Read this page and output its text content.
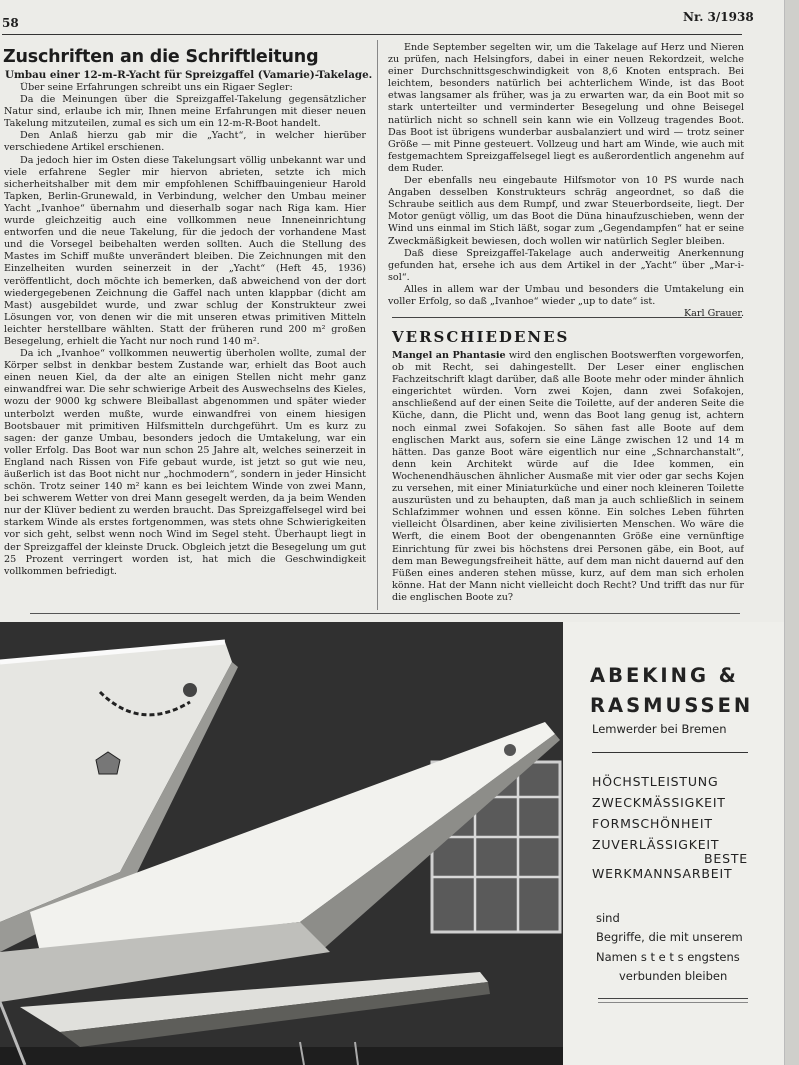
58	Nr. 3/1938
Zuschriften an die Schriftleitung
Umbau einer 12-m-R-Yacht für Spreizgaffel (Vamarie)-Takelage.

Über seine Erfahrungen schreibt uns ein Rigaer Segler:

Da die Meinungen über die Spreizgaffel-Takelung gegensätzlicher Natur sind, erlaube ich mir, Ihnen meine Erfahrungen mit dieser neuen Takelung mitzuteilen, zumal es sich um ein 12-m-R-Boot handelt.

Den Anlaß hierzu gab mir die „Yacht“, in welcher hierüber verschiedene Artikel erschienen.

Da jedoch hier im Osten diese Takelungsart völlig unbekannt war und viele erfahrene Segler mir hiervon abrieten, setzte ich mich sicherheitshalber mit dem mir empfohlenen Schiffbauingenieur Harold Tapken, Berlin-Grunewald, in Verbindung, welcher den Umbau meiner Yacht „Ivanhoe“ übernahm und dieserhalb sogar nach Riga kam. Hier wurde gleichzeitig auch eine vollkommen neue Inneneinrichtung entworfen und die neue Takelung, für die jedoch der vorhandene Mast und die Vorsegel beibehalten werden sollten. Auch die Stellung des Mastes im Schiff mußte unverändert bleiben. Die Zeichnungen mit den Einzelheiten wurden seinerzeit in der „Yacht“ (Heft 45, 1936) veröffentlicht, doch möchte ich bemerken, daß abweichend von der dort wiedergegebenen Zeichnung die Gaffel nach unten klappbar (dicht am Mast) ausgebildet wurde, und zwar schlug der Konstrukteur zwei Lösungen vor, von denen wir die mit unseren etwas primitiven Mitteln leichter herstellbare wählten. Statt der früheren rund 200 m² großen Besegelung, erhielt die Yacht nur noch rund 140 m².

Da ich „Ivanhoe“ vollkommen neuwertig überholen wollte, zumal der Körper selbst in denkbar bestem Zustande war, erhielt das Boot auch einen neuen Kiel, da der alte an einigen Stellen nicht mehr ganz einwandfrei war. Die sehr schwierige Arbeit des Auswechselns des Kieles, wozu der 9000 kg schwere Bleiballast abgenommen und später wieder unterbolzt werden mußte, wurde einwandfrei von einem hiesigen Bootsbauer mit primitiven Hilfsmitteln durchgeführt. Um es kurz zu sagen: der ganze Umbau, besonders jedoch die Umtakelung, war ein voller Erfolg. Das Boot war nun schon 25 Jahre alt, welches seinerzeit in England nach Rissen von Fife gebaut wurde, ist jetzt so gut wie neu, äußerlich ist das Boot nicht nur „hochmodern“, sondern in jeder Hinsicht schön. Trotz seiner 140 m² kann es bei leichtem Winde von zwei Mann, bei schwerem Wetter von drei Mann gesegelt werden, da ja beim Wenden nur der Klüver bedient zu werden braucht. Das Spreizgaffelsegel wird bei starkem Winde als erstes fortgenommen, was stets ohne Schwierigkeiten vor sich geht, selbst wenn noch Wind im Segel steht. Überhaupt liegt in der Spreizgaffel der kleinste Druck. Obgleich jetzt die Besegelung um gut 25 Prozent verringert worden ist, hat mich die Geschwindigkeit vollkommen befriedigt.

Ende September segelten wir, um die Takelage auf Herz und Nieren zu prüfen, nach Helsingfors, dabei in einer neuen Rekordzeit, welche einer Durchschnittsgeschwindigkeit von 8,6 Knoten entsprach. Bei leichtem, besonders natürlich bei achterlichem Winde, ist das Boot etwas langsamer als früher, was ja zu erwarten war, da ein Boot mit so stark unterteilter und verminderter Besegelung und ohne Beisegel natürlich nicht so schnell sein kann wie ein Vollzeug tragendes Boot. Das Boot ist übrigens wunderbar ausbalanziert und wird — trotz seiner Größe — mit Pinne gesteuert. Vollzeug und hart am Winde, wie auch mit festgemachtem Spreizgaffelsegel liegt es außerordentlich angenehm auf dem Ruder.

Der ebenfalls neu eingebaute Hilfsmotor von 10 PS wurde nach Angaben desselben Konstrukteurs schräg angeordnet, so daß die Schraube seitlich aus dem Rumpf, und zwar Steuerbordseite, liegt. Der Motor genügt völlig, um das Boot die Düna hinaufzuschieben, wenn der Wind uns einmal im Stich läßt, sogar zum „Gegendampfen“ hat er seine Zweckmäßigkeit bewiesen, doch wollen wir natürlich Segler bleiben.

Daß diese Spreizgaffel-Takelage auch anderweitig Anerkennung gefunden hat, ersehe ich aus dem Artikel in der „Yacht“ über „Mar-i-sol“.

Alles in allem war der Umbau und besonders die Umtakelung ein voller Erfolg, so daß „Ivanhoe“ wieder „up to date“ ist.

Karl Grauer.

VERSCHIEDENES

Mangel an Phantasie wird den englischen Bootswerften vorgeworfen, ob mit Recht, sei dahingestellt. Der Leser einer englischen Fachzeitschrift klagt darüber, daß alle Boote mehr oder minder ähnlich eingerichtet würden. Vorn zwei Kojen, dann zwei Sofakojen, anschließend auf der einen Seite die Toilette, auf der anderen Seite die Küche, dann, die Plicht und, wenn das Boot lang genug ist, achtern noch einmal zwei Sofakojen. So sähen fast alle Boote auf dem englischen Markt aus, sofern sie eine Länge zwischen 12 und 14 m hätten. Das ganze Boot wäre eigentlich nur eine „Schnarchanstalt“, denn kein Architekt würde auf die Idee kommen, ein Wochenendhäuschen ähnlicher Ausmaße mit vier oder gar sechs Kojen zu versehen, mit einer Miniaturküche und einer noch kleineren Toilette auszurüsten und zu behaupten, daß man ja auch schließlich in seinem Schlafzimmer wohnen und essen könne. Ein solches Leben führten vielleicht Ölsardinen, aber keine zivilisierten Menschen. Wo wäre die Werft, die einem Boot der obengenannten Größe eine vernünftige Einrichtung für zwei bis höchstens drei Personen gäbe, ein Boot, auf dem man Bewegungsfreiheit hätte, auf dem man nicht dauernd auf den Füßen eines anderen stehen müsse, kurz, auf dem man sich erholen könne. Hat der Mann nicht vielleicht doch Recht? Und trifft das nur für die englischen Boote zu?

ABEKING &
RASMUSSEN
Lemwerder bei Bremen
HÖCHSTLEISTUNG
ZWECKMÄSSIGKEIT
FORMSCHÖNHEIT
ZUVERLÄSSIGKEIT
BESTE
WERKMANNSARBEIT
sind
Begriffe, die mit unserem
Namen s t e t s engstens
verbunden bleiben
